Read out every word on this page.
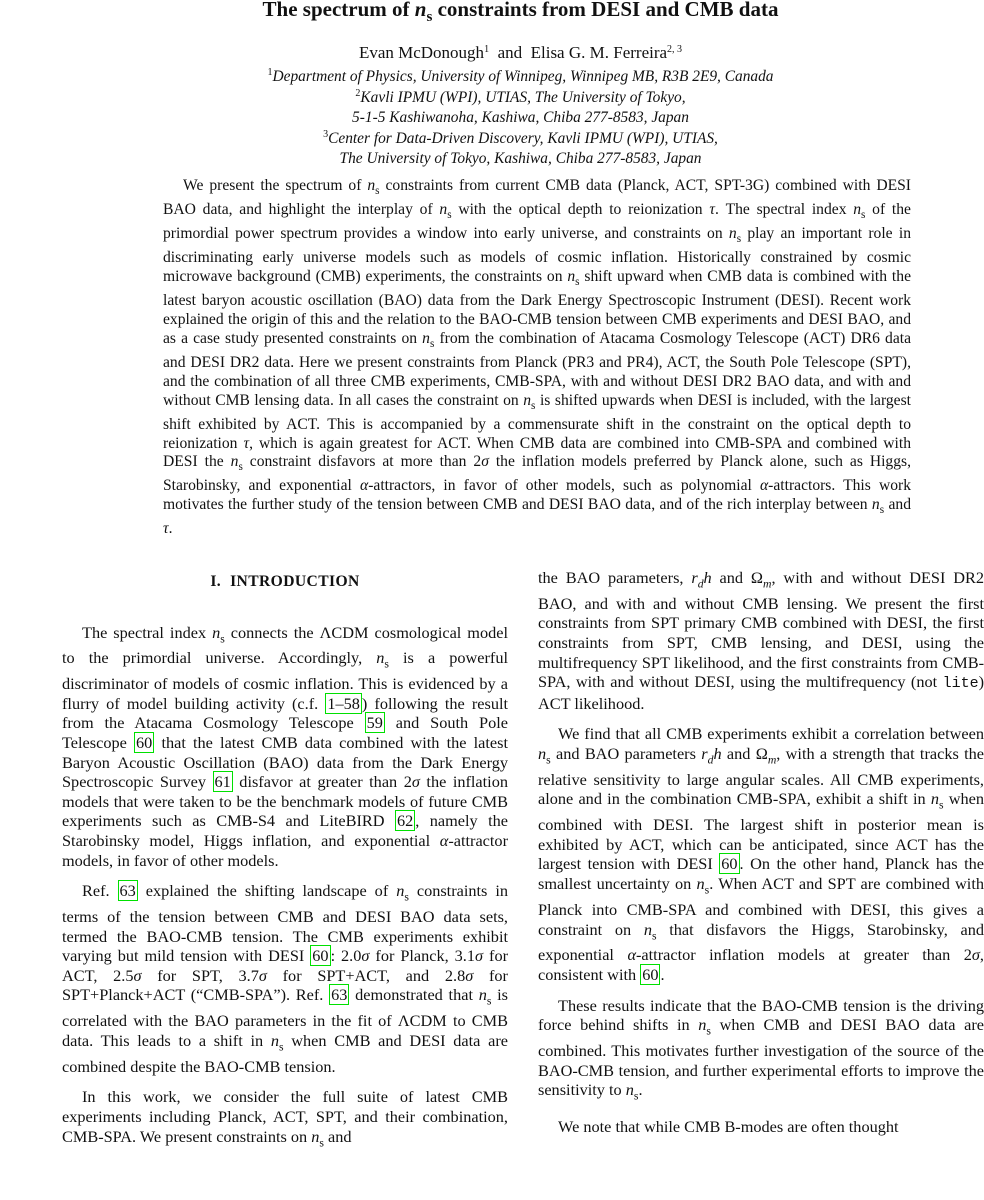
The spectrum of $n_s$ constraints from DESI and CMB data
Evan McDonough$^1$ and Elisa G. M. Ferreira$^{2, 3}$
$^1$Department of Physics, University of Winnipeg, Winnipeg MB, R3B 2E9, Canada
$^2$Kavli IPMU (WPI), UTIAS, The University of Tokyo,
5-1-5 Kashiwanoha, Kashiwa, Chiba 277-8583, Japan
$^3$Center for Data-Driven Discovery, Kavli IPMU (WPI), UTIAS,
The University of Tokyo, Kashiwa, Chiba 277-8583, Japan

We present the spectrum of $n_s$ constraints from current CMB data (Planck, ACT, SPT-3G) combined with DESI BAO data, and highlight the interplay of $n_s$ with the optical depth to reionization τ. The spectral index $n_s$ of the primordial power spectrum provides a window into early universe, and constraints on $n_s$ play an important role in discriminating early universe models such as models of cosmic inflation. Historically constrained by cosmic microwave background (CMB) experiments, the constraints on $n_s$ shift upward when CMB data is combined with the latest baryon acoustic oscillation (BAO) data from the Dark Energy Spectroscopic Instrument (DESI). Recent work explained the origin of this and the relation to the BAO-CMB tension between CMB experiments and DESI BAO, and as a case study presented constraints on $n_s$ from the combination of Atacama Cosmology Telescope (ACT) DR6 data and DESI DR2 data. Here we present constraints from Planck (PR3 and PR4), ACT, the South Pole Telescope (SPT), and the combination of all three CMB experiments, CMB-SPA, with and without DESI DR2 BAO data, and with and without CMB lensing data. In all cases the constraint on $n_s$ is shifted upwards when DESI is included, with the largest shift exhibited by ACT. This is accompanied by a commensurate shift in the constraint on the optical depth to reionization τ, which is again greatest for ACT. When CMB data are combined into CMB-SPA and combined with DESI the $n_s$ constraint disfavors at more than 2σ the inflation models preferred by Planck alone, such as Higgs, Starobinsky, and exponential α-attractors, in favor of other models, such as polynomial α-attractors. This work motivates the further study of the tension between CMB and DESI BAO data, and of the rich interplay between $n_s$ and τ.

I. INTRODUCTION

The spectral index $n_s$ connects the ΛCDM cosmological model to the primordial universe. Accordingly, $n_s$ is a powerful discriminator of models of cosmic inflation. This is evidenced by a flurry of model building activity (c.f. 1–58 ) following the result from the Atacama Cosmology Telescope 59 and South Pole Telescope 60 that the latest CMB data combined with the latest Baryon Acoustic Oscillation (BAO) data from the Dark Energy Spectroscopic Survey 61 disfavor at greater than 2σ the inflation models that were taken to be the benchmark models of future CMB experiments such as CMB-S4 and LiteBIRD 62 , namely the Starobinsky model, Higgs inflation, and exponential α-attractor models, in favor of other models.

Ref. 63 explained the shifting landscape of $n_s$ constraints in terms of the tension between CMB and DESI BAO data sets, termed the BAO-CMB tension. The CMB experiments exhibit varying but mild tension with DESI 60 : 2.0σ for Planck, 3.1σ for ACT, 2.5σ for SPT, 3.7σ for SPT+ACT, and 2.8σ for SPT+Planck+ACT (“CMB-SPA”). Ref. 63 demonstrated that $n_s$ is correlated with the BAO parameters in the fit of ΛCDM to CMB data. This leads to a shift in $n_s$ when CMB and DESI data are combined despite the BAO-CMB tension.

In this work, we consider the full suite of latest CMB experiments including Planck, ACT, SPT, and their combination, CMB-SPA. We present constraints on $n_s$ and

the BAO parameters, $r_dh$ and $\Omega_m$, with and without DESI DR2 BAO, and with and without CMB lensing. We present the first constraints from SPT primary CMB combined with DESI, the first constraints from SPT, CMB lensing, and DESI, using the multifrequency SPT likelihood, and the first constraints from CMB-SPA, with and without DESI, using the multifrequency (not lite) ACT likelihood.

We find that all CMB experiments exhibit a correlation between $n_s$ and BAO parameters $r_dh$ and $\Omega_m$, with a strength that tracks the relative sensitivity to large angular scales. All CMB experiments, alone and in the combination CMB-SPA, exhibit a shift in $n_s$ when combined with DESI. The largest shift in posterior mean is exhibited by ACT, which can be anticipated, since ACT has the largest tension with DESI 60 . On the other hand, Planck has the smallest uncertainty on $n_s$. When ACT and SPT are combined with Planck into CMB-SPA and combined with DESI, this gives a constraint on $n_s$ that disfavors the Higgs, Starobinsky, and exponential α-attractor inflation models at greater than 2σ, consistent with 60 .

These results indicate that the BAO-CMB tension is the driving force behind shifts in $n_s$ when CMB and DESI BAO data are combined. This motivates further investigation of the source of the BAO-CMB tension, and further experimental efforts to improve the sensitivity to $n_s$.

We note that while CMB B-modes are often thought
